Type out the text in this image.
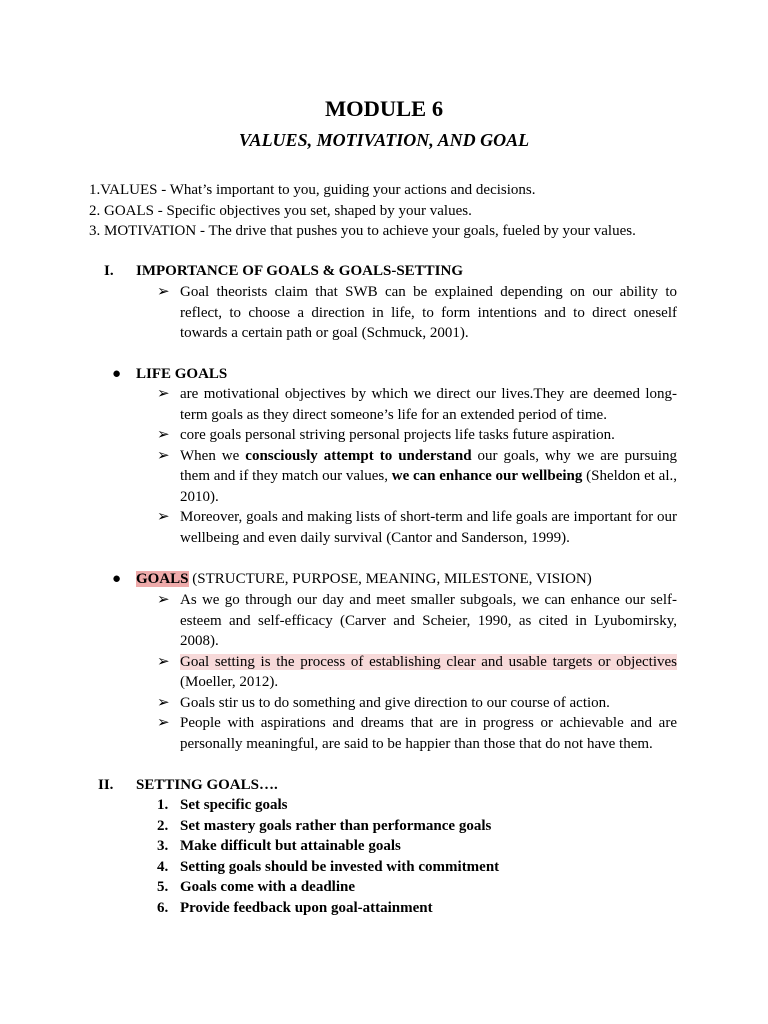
MODULE 6
VALUES, MOTIVATION, AND GOAL
1.VALUES - What’s important to you, guiding your actions and decisions.
2. GOALS - Specific objectives you set, shaped by your values.
3. MOTIVATION - The drive that pushes you to achieve your goals, fueled by your values.
I. IMPORTANCE OF GOALS & GOALS-SETTING
➢ Goal theorists claim that SWB can be explained depending on our ability to reflect, to choose a direction in life, to form intentions and to direct oneself towards a certain path or goal (Schmuck, 2001).
● LIFE GOALS
➢ are motivational objectives by which we direct our lives.They are deemed long-term goals as they direct someone’s life for an extended period of time.
➢ core goals personal striving personal projects life tasks future aspiration.
➢ When we consciously attempt to understand our goals, why we are pursuing them and if they match our values, we can enhance our wellbeing (Sheldon et al., 2010).
➢ Moreover, goals and making lists of short-term and life goals are important for our wellbeing and even daily survival (Cantor and Sanderson, 1999).
● GOALS (STRUCTURE, PURPOSE, MEANING, MILESTONE, VISION)
➢ As we go through our day and meet smaller subgoals, we can enhance our self-esteem and self-efficacy (Carver and Scheier, 1990, as cited in Lyubomirsky, 2008).
➢ Goal setting is the process of establishing clear and usable targets or objectives (Moeller, 2012).
➢ Goals stir us to do something and give direction to our course of action.
➢ People with aspirations and dreams that are in progress or achievable and are personally meaningful, are said to be happier than those that do not have them.
II. SETTING GOALS….
1. Set specific goals
2. Set mastery goals rather than performance goals
3. Make difficult but attainable goals
4. Setting goals should be invested with commitment
5. Goals come with a deadline
6. Provide feedback upon goal-attainment
